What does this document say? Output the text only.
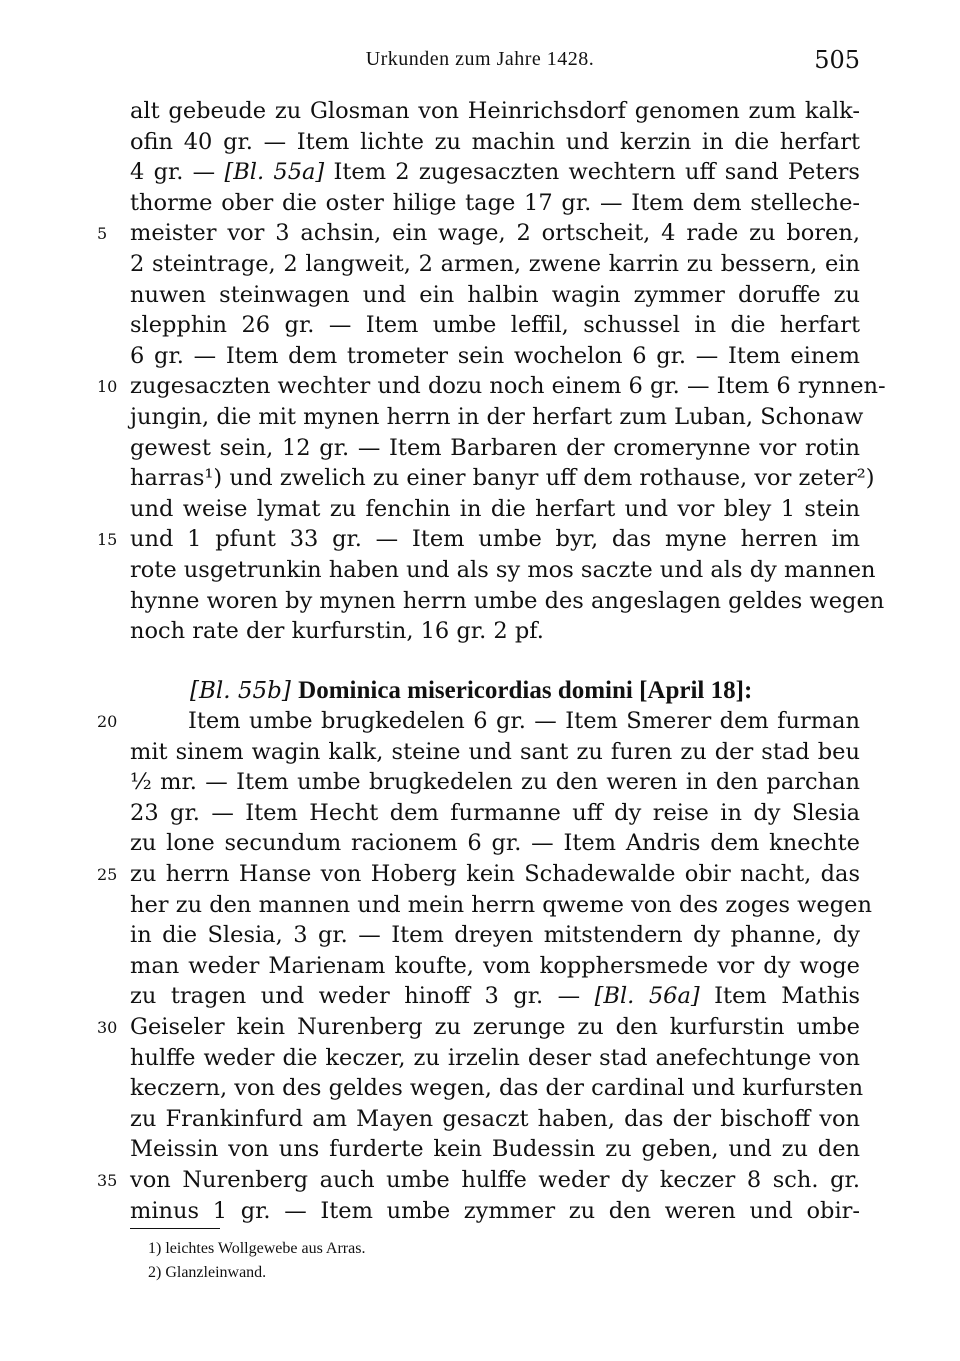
Urkunden zum Jahre 1428.	505
alt gebeude zu Glosman von Heinrichsdorf genomen zum kalk-
ofin 40 gr. — Item lichte zu machin und kerzin in die herfart
4 gr. — [Bl. 55a] Item 2 zugesaczten wechtern uff sand Peters
thorme ober die oster hilige tage 17 gr. — Item dem stelleche-
5	meister vor 3 achsin, ein wage, 2 ortscheit, 4 rade zu boren,
2 steintrage, 2 langweit, 2 armen, zwene karrin zu bessern, ein
nuwen steinwagen und ein halbin wagin zymmer doruffe zu
slepphin 26 gr. — Item umbe leffil, schussel in die herfart
6 gr. — Item dem trometer sein wochelon 6 gr. — Item einem
10 zugesaczten wechter und dozu noch einem 6 gr. — Item 6 rynnen-
jungin, die mit mynen herrn in der herfart zum Luban, Schonaw
gewest sein, 12 gr. — Item Barbaren der cromerynne vor rotin
harras¹) und zwelich zu einer banyr uff dem rothause, vor zeter²)
und weise lymat zu fenchin in die herfart und vor bley 1 stein
15 und 1 pfunt 33 gr. — Item umbe byr, das myne herren im
rote usgetrunkin haben und als sy mos saczte und als dy mannen
hynne woren by mynen herrn umbe des angeslagen geldes wegen
noch rate der kurfurstin, 16 gr. 2 pf.
[Bl. 55b] Dominica misericordias domini [April 18]:
20	Item umbe brugkedelen 6 gr. — Item Smerer dem furman
mit sinem wagin kalk, steine und sant zu furen zu der stad beu
½ mr. — Item umbe brugkedelen zu den weren in den parchan
23 gr. — Item Hecht dem furmanne uff dy reise in dy Slesia
zu lone secundum racionem 6 gr. — Item Andris dem knechte
25 zu herrn Hanse von Hoberg kein Schadewalde obir nacht, das
her zu den mannen und mein herrn qweme von des zoges wegen
in die Slesia, 3 gr. — Item dreyen mitstendern dy phanne, dy
man weder Marienam koufte, vom kopphersmede vor dy woge
zu tragen und weder hinoff 3 gr. — [Bl. 56a] Item Mathis
30 Geiseler kein Nurenberg zu zerunge zu den kurfurstin umbe
hulffe weder die keczer, zu irzelin deser stad anefechtunge von
keczern, von des geldes wegen, das der cardinal und kurfursten
zu Frankinfurd am Mayen gesaczt haben, das der bischoff von
Meissin von uns furderte kein Budessin zu geben, und zu den
35 von Nurenberg auch umbe hulffe weder dy keczer 8 sch. gr.
minus 1 gr. — Item umbe zymmer zu den weren und obir-
1) leichtes Wollgewebe aus Arras.
2) Glanzleinwand.
